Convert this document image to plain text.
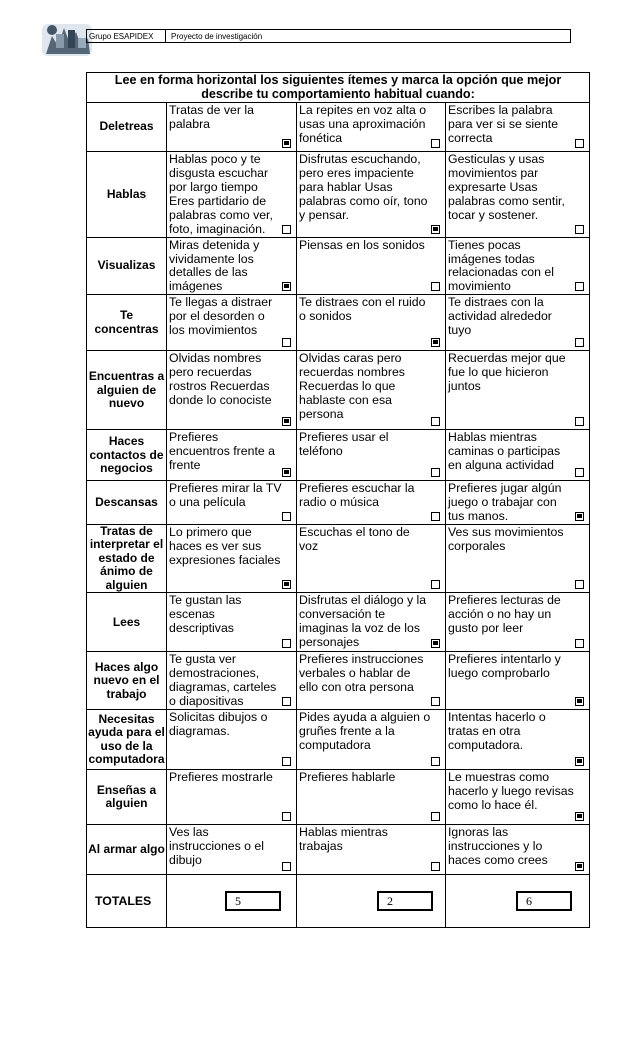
Grupo ESAPIDEX Proyecto de investigación
Lee en forma horizontal los siguientes ítemes y marca la opción que mejor describe tu comportamiento habitual cuando:			
Deletreas	Tratas de ver la palabra	La repites en voz alta o usas una aproximación fonética	Escribes la palabra para ver si se siente correcta

Hablas	Hablas poco y te disgusta escuchar por largo tiempo Eres partidario de palabras como ver, foto, imaginación.	Disfrutas escuchando, pero eres impaciente para hablar Usas palabras como oír, tono y pensar.	Gesticulas y usas movimientos par expresarte Usas palabras como sentir, tocar y sostener.

Visualizas	Miras detenida y vividamente los detalles de las imágenes	Piensas en los sonidos	Tienes pocas imágenes todas relacionadas con el movimiento

Te concentras	Te llegas a distraer por el desorden o los movimientos	Te distraes con el ruido o sonidos	Te distraes con la actividad alrededor tuyo

Encuentras a alguien de nuevo	Olvidas nombres pero recuerdas rostros Recuerdas donde lo conociste	Olvidas caras pero recuerdas nombres Recuerdas lo que hablaste con esa persona	Recuerdas mejor que fue lo que hicieron juntos

Haces contactos de negocios	Prefieres encuentros frente a frente	Prefieres usar el teléfono	Hablas mientras caminas o participas en alguna actividad

Descansas	Prefieres mirar la TV o una película	Prefieres escuchar la radio o música	Prefieres jugar algún juego o trabajar con tus manos.

Tratas de interpretar el estado de ánimo de alguien	Lo primero que haces es ver sus expresiones faciales	Escuchas el tono de voz	Ves sus movimientos corporales

Lees	Te gustan las escenas descriptivas	Disfrutas el diálogo y la conversación te imaginas la voz de los personajes	Prefieres lecturas de acción o no hay un gusto por leer

Haces algo nuevo en el trabajo	Te gusta ver demostraciones, diagramas, carteles o diapositivas	Prefieres instrucciones verbales o hablar de ello con otra persona	Prefieres intentarlo y luego comprobarlo

Necesitas ayuda para el uso de la computadora	Solicitas dibujos o diagramas.	Pides ayuda a alguien o gruñes frente a la computadora	Intentas hacerlo o tratas en otra computadora.

Enseñas a alguien	Prefieres mostrarle	Prefieres hablarle	Le muestras como hacerlo y luego revisas como lo hace él.

Al armar algo	Ves las instrucciones o el dibujo	Hablas mientras trabajas	Ignoras las instrucciones y lo haces como crees

TOTALES	5	2	6
